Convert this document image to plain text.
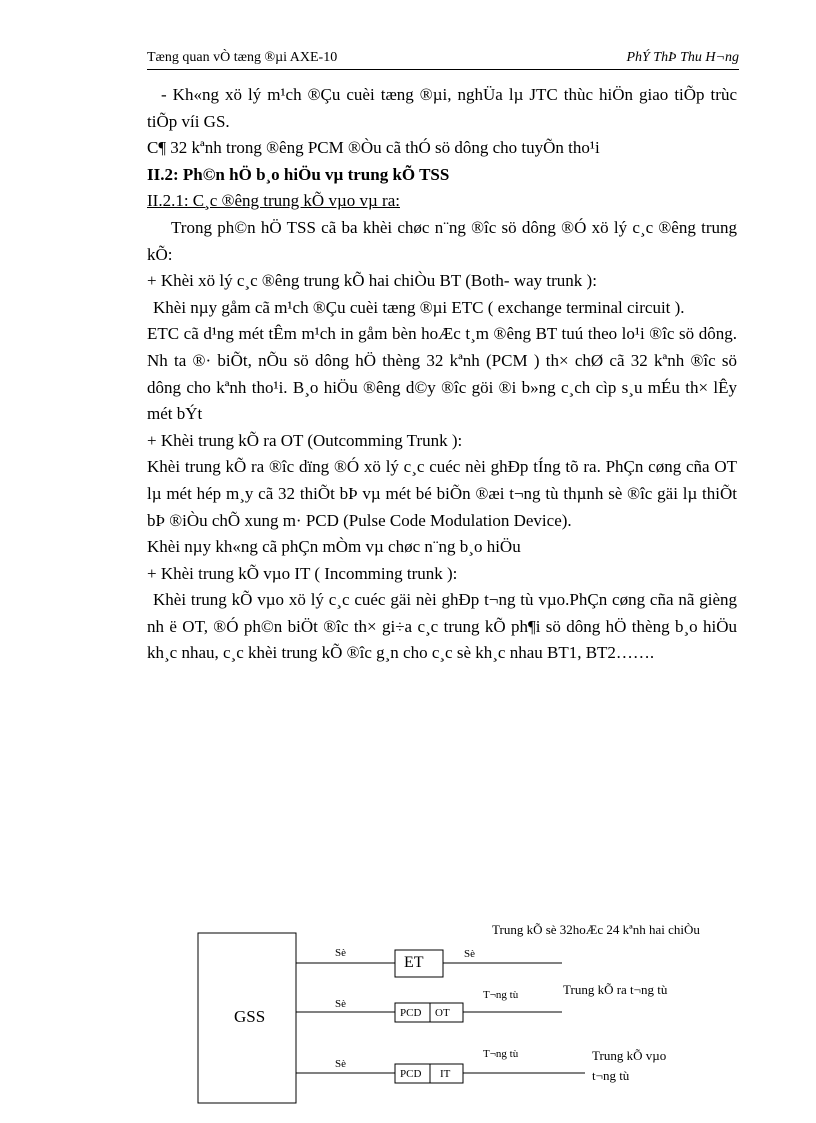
Tæng quan vÒ tæng ®µi AXE-10	PhÝ ThÞ Thu H¬ng

- Kh«ng xö lý m¹ch ®Çu cuèi tæng ®µi, nghÜa lµ JTC thùc hiÖn giao tiÕp trùc tiÕp víi GS.

C¶ 32 kªnh trong ®êng PCM ®Òu cã thÓ sö dông cho tuyÕn tho¹i

II.2: Ph©n hÖ b¸o hiÖu vµ trung kÕ TSS

II.2.1: C¸c ®êng trung kÕ vµo vµ ra:

Trong ph©n hÖ TSS cã ba khèi chøc n¨ng ®îc sö dông ®Ó xö lý c¸c ®êng trung kÕ:

+ Khèi xö lý c¸c ®êng trung kÕ hai chiÒu BT (Both- way trunk ):

Khèi nµy gåm cã m¹ch ®Çu cuèi tæng ®µi ETC ( exchange terminal circuit ).

ETC cã d¹ng mét tÊm m¹ch in gåm bèn hoÆc t¸m ®êng BT tuú theo lo¹i ®îc sö dông. Nh ta ®· biÕt, nÕu sö dông hÖ thèng 32 kªnh (PCM ) th× chØ cã 32 kªnh ®îc sö dông cho kªnh tho¹i. B¸o hiÖu ®êng d©y ®îc göi ®i b»ng c¸ch cìp s¸u mÉu th× lÊy mét bÝt

+ Khèi trung kÕ ra OT (Outcomming Trunk ):

Khèi trung kÕ ra ®îc dïng ®Ó xö lý c¸c cuéc nèi ghÐp tÍng tõ ra. PhÇn cøng cña OT lµ mét hép m¸y cã 32 thiÕt bÞ vµ mét bé biÕn ®æi t¬ng tù thµnh sè ®îc gäi lµ thiÕt bÞ ®iÒu chÕ xung m· PCD (Pulse Code Modulation Device).

Khèi nµy kh«ng cã phÇn mÒm vµ chøc n¨ng b¸o hiÖu

+ Khèi trung kÕ vµo IT ( Incomming trunk ):

Khèi trung kÕ vµo xö lý c¸c cuéc gäi nèi ghÐp t¬ng tù vµo.PhÇn cøng cña nã gièng nh ë OT, ®Ó ph©n biÖt ®îc th× gi÷a c¸c trung kÕ ph¶i sö dông hÖ thèng b¸o hiÖu kh¸c nhau, c¸c khèi trung kÕ ®îc g¸n cho c¸c sè kh¸c nhau BT1, BT2…….

GSS
ET
PCD OT
PCD IT
Sè	Sè
Sè
Sè
T¬ng tù
T¬ng tù
Trung kÕ sè 32hoÆc 24 kªnh hai chiÒu
Trung kÕ ra t¬ng tù
Trung kÕ vµo
t¬ng tù
